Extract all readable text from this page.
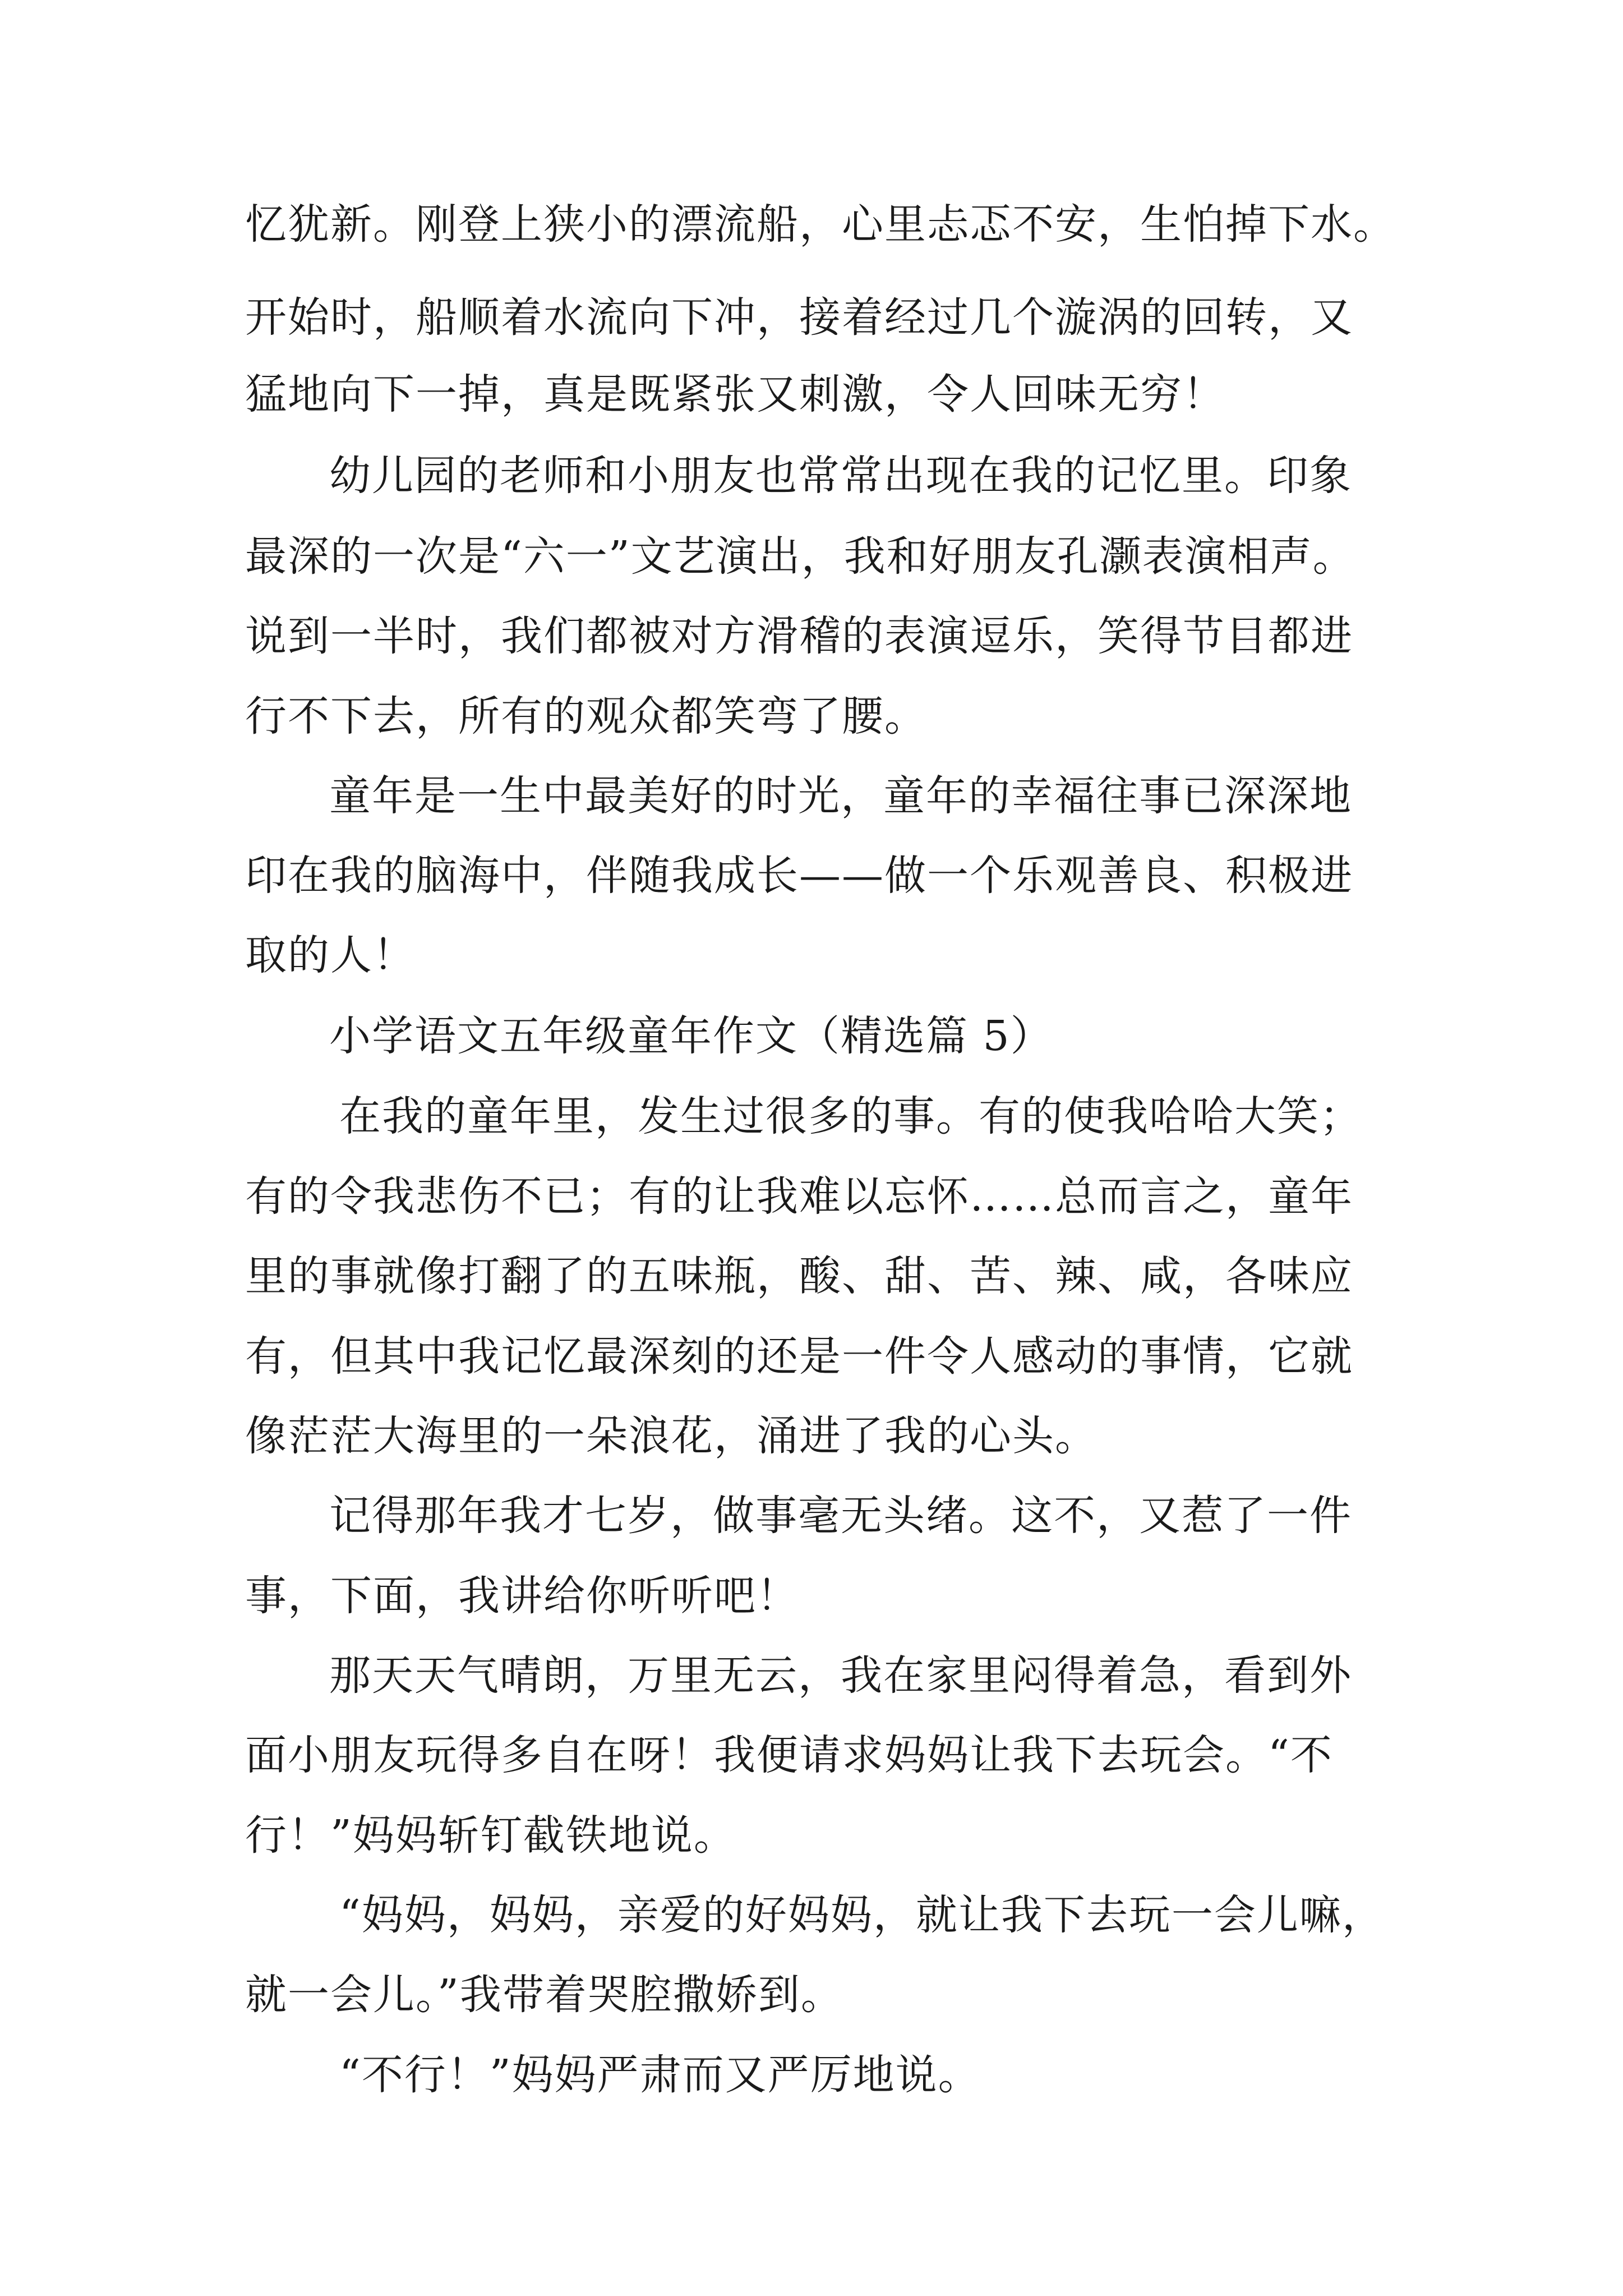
忆犹新。刚登上狭小的漂流船，心里忐忑不安，生怕掉下水。
开始时，船顺着水流向下冲，接着经过几个漩涡的回转，又
猛地向下一掉，真是既紧张又刺激，令人回味无穷！
幼儿园的老师和小朋友也常常出现在我的记忆里。印象
最深的一次是“六一”文艺演出，我和好朋友孔灏表演相声。
说到一半时，我们都被对方滑稽的表演逗乐，笑得节目都进
行不下去，所有的观众都笑弯了腰。
童年是一生中最美好的时光，童年的幸福往事已深深地
印在我的脑海中，伴随我成长——做一个乐观善良、积极进
取的人！
小学语文五年级童年作文（精选篇 5）
在我的童年里，发生过很多的事。有的使我哈哈大笑；
有的令我悲伤不已；有的让我难以忘怀……总而言之，童年
里的事就像打翻了的五味瓶，酸、甜、苦、辣、咸，各味应
有，但其中我记忆最深刻的还是一件令人感动的事情，它就
像茫茫大海里的一朵浪花，涌进了我的心头。
记得那年我才七岁，做事毫无头绪。这不，又惹了一件
事，下面，我讲给你听听吧！
那天天气晴朗，万里无云，我在家里闷得着急，看到外
面小朋友玩得多自在呀！我便请求妈妈让我下去玩会。“不
行！”妈妈斩钉截铁地说。
“妈妈，妈妈，亲爱的好妈妈，就让我下去玩一会儿嘛，
就一会儿。”我带着哭腔撒娇到。
“不行！”妈妈严肃而又严厉地说。
